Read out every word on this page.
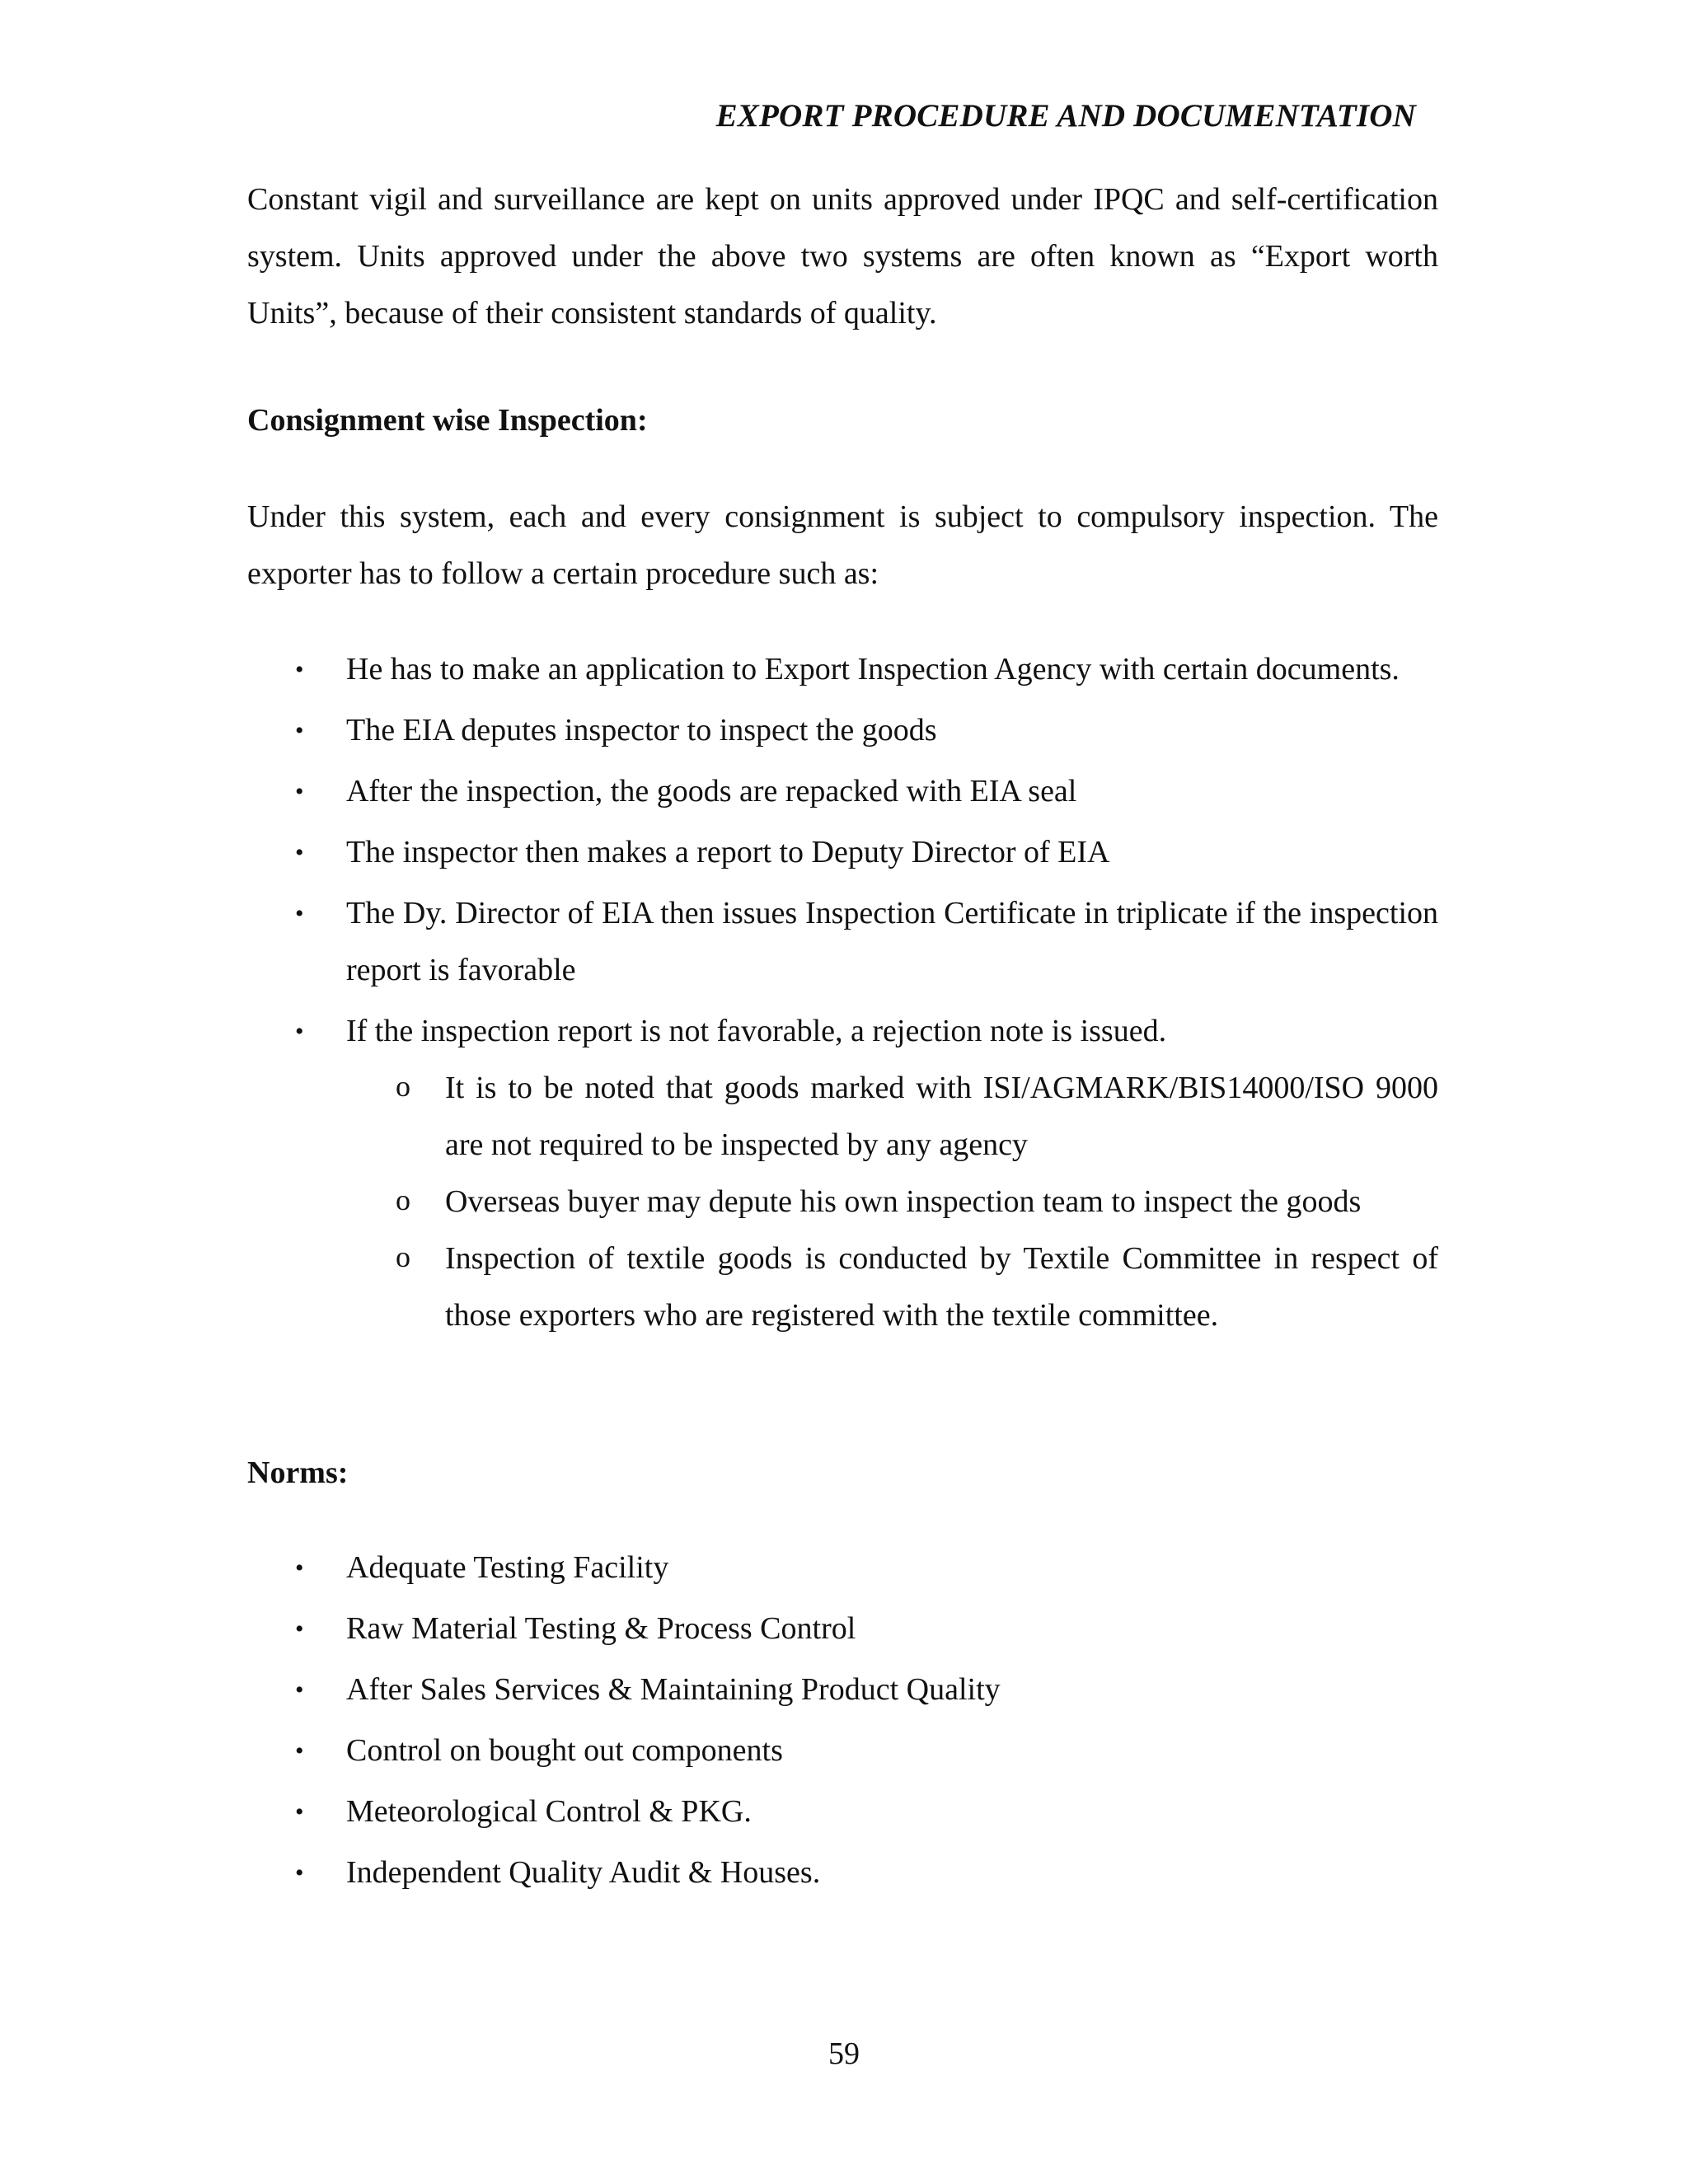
EXPORT PROCEDURE AND DOCUMENTATION

Constant vigil and surveillance are kept on units approved under IPQC and self-certification system. Units approved under the above two systems are often known as “Export worth Units”, because of their consistent standards of quality.

Consignment wise Inspection:

Under this system, each and every consignment is subject to compulsory inspection. The exporter has to follow a certain procedure such as:

• He has to make an application to Export Inspection Agency with certain documents.
• The EIA deputes inspector to inspect the goods
• After the inspection, the goods are repacked with EIA seal
• The inspector then makes a report to Deputy Director of EIA
• The Dy. Director of EIA then issues Inspection Certificate in triplicate if the inspection report is favorable
• If the inspection report is not favorable, a rejection note is issued.
o It is to be noted that goods marked with ISI/AGMARK/BIS14000/ISO 9000 are not required to be inspected by any agency
o Overseas buyer may depute his own inspection team to inspect the goods
o Inspection of textile goods is conducted by Textile Committee in respect of those exporters who are registered with the textile committee.
Norms:
• Adequate Testing Facility
• Raw Material Testing & Process Control
• After Sales Services & Maintaining Product Quality
• Control on bought out components
• Meteorological Control & PKG.
• Independent Quality Audit & Houses.
59
